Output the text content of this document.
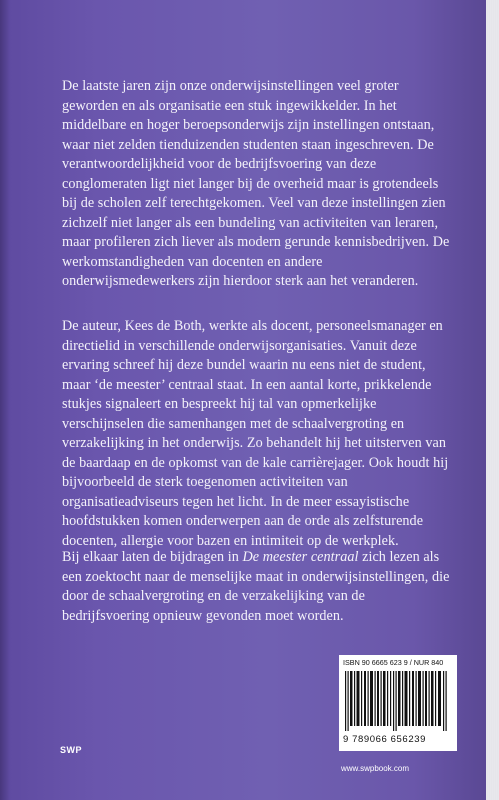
De laatste jaren zijn onze onderwijsinstellingen veel groter geworden en als organisatie een stuk ingewikkelder. In het middelbare en hoger beroepsonderwijs zijn instellingen ontstaan, waar niet zelden tienduizenden studenten staan ingeschreven. De verantwoordelijkheid voor de bedrijfsvoering van deze conglomeraten ligt niet langer bij de overheid maar is grotendeels bij de scholen zelf terechtgekomen. Veel van deze instellingen zien zichzelf niet langer als een bundeling van activiteiten van leraren, maar profileren zich liever als modern gerunde kennisbedrijven. De werkomstandigheden van docenten en andere onderwijsmedewerkers zijn hierdoor sterk aan het veranderen.

De auteur, Kees de Both, werkte als docent, personeelsmanager en directielid in verschillende onderwijsorganisaties. Vanuit deze ervaring schreef hij deze bundel waarin nu eens niet de student, maar ‘de meester’ centraal staat. In een aantal korte, prikkelende stukjes signaleert en bespreekt hij tal van opmerkelijke verschijnselen die samenhangen met de schaalvergroting en verzakelijking in het onderwijs. Zo behandelt hij het uitsterven van de baardaap en de opkomst van de kale carrièrejager. Ook houdt hij bijvoorbeeld de sterk toegenomen activiteiten van organisatieadviseurs tegen het licht. In de meer essayistische hoofdstukken komen onderwerpen aan de orde als zelfsturende docenten, allergie voor bazen en intimiteit op de werkplek.

Bij elkaar laten de bijdragen in De meester centraal zich lezen als een zoektocht naar de menselijke maat in onderwijsinstellingen, die door de schaalvergroting en de verzakelijking van de bedrijfsvoering opnieuw gevonden moet worden.

ISBN 90 6665 623 9 / NUR 840

9 789066 656239

SWP

www.swpbook.com
